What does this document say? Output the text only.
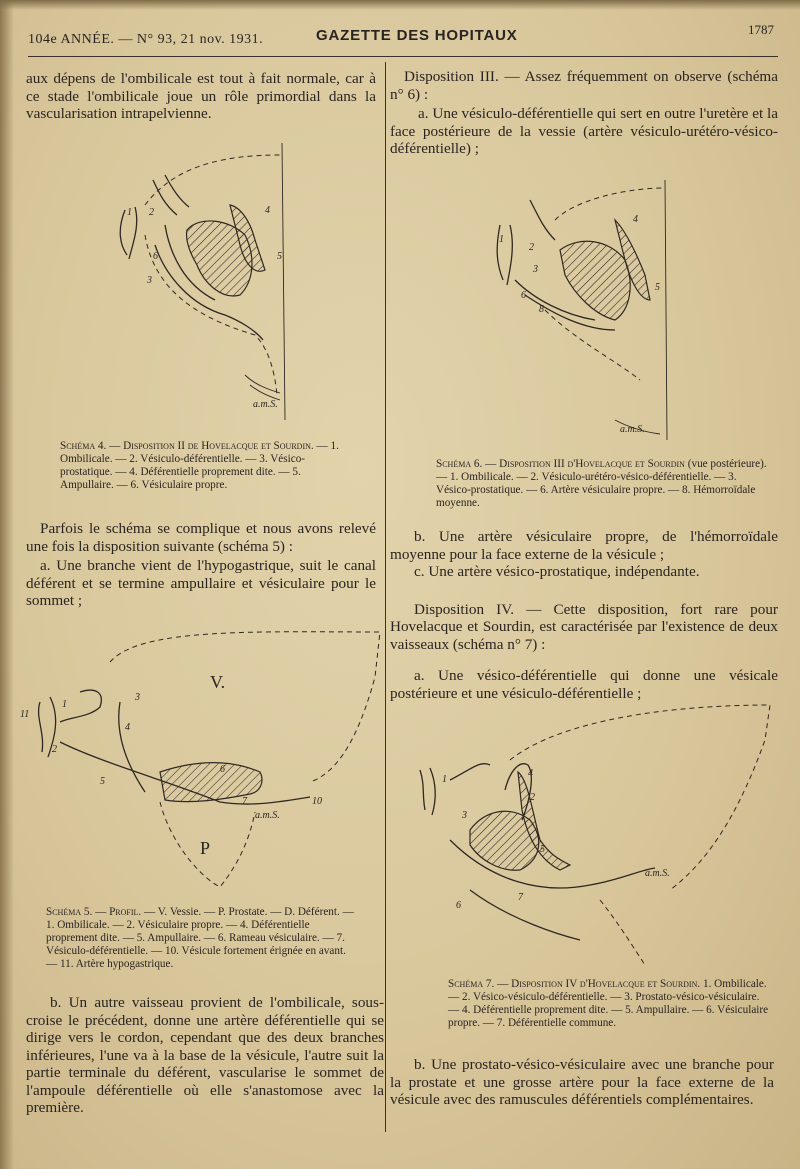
104e ANNÉE. — N° 93, 21 nov. 1931.	GAZETTE DES HOPITAUX	1787

aux dépens de l'ombilicale est tout à fait normale, car à ce stade l'ombilicale joue un rôle primordial dans la vascularisation intrapelvienne.

1 2
3
4
5
6
a.m.S.

Schéma 4. — Disposition II de Hovelacque et Sourdin. — 1. Ombilicale. — 2. Vésiculo-déférentielle. — 3. Vésico-prostatique. — 4. Déférentielle proprement dite. — 5. Ampullaire. — 6. Vésiculaire propre.

Parfois le schéma se complique et nous avons relevé une fois la disposition suivante (schéma 5) :

a. Une branche vient de l'hypogastrique, suit le canal déférent et se termine ampullaire et vésiculaire pour le sommet ;

11
1
2
3
4
5
6
7	10
V.
P
a.m.S.

Schéma 5. — Profil. — V. Vessie. — P. Prostate. — D. Déférent. — 1. Ombilicale. — 2. Vésiculaire propre. — 4. Déférentielle proprement dite. — 5. Ampullaire. — 6. Rameau vésiculaire. — 7. Vésiculo-déférentielle. — 10. Vésicule fortement érignée en avant. — 11. Artère hypogastrique.

b. Un autre vaisseau provient de l'ombilicale, sous-croise le précédent, donne une artère déférentielle qui se dirige vers le cordon, cependant que des deux branches inférieures, l'une va à la base de la vésicule, l'autre suit la partie terminale du déférent, vascularise le sommet de l'ampoule déférentielle où elle s'anastomose avec la première.

Disposition III. — Assez fréquemment on observe (schéma n° 6) :

a. Une vésiculo-déférentielle qui sert en outre l'uretère et la face postérieure de la vessie (artère vésiculo-urétéro-vésico-déférentielle) ;

1
2
3
4
5
6
8
a.m.S.

Schéma 6. — Disposition III d'Hovelacque et Sourdin (vue postérieure). — 1. Ombilicale. — 2. Vésiculo-urétéro-vésico-déférentielle. — 3. Vésico-prostatique. — 6. Artère vésiculaire propre. — 8. Hémorroïdale moyenne.

b. Une artère vésiculaire propre, de l'hémorroïdale moyenne pour la face externe de la vésicule ;

c. Une artère vésico-prostatique, indépendante.

Disposition IV. — Cette disposition, fort rare pour Hovelacque et Sourdin, est caractérisée par l'existence de deux vaisseaux (schéma n° 7) :

a. Une vésico-déférentielle qui donne une vésicale postérieure et une vésiculo-déférentielle ;

1
2
3
4
5
6
7
a.m.S.

Schéma 7. — Disposition IV d'Hovelacque et Sourdin. 1. Ombilicale. — 2. Vésico-vésiculo-déférentielle. — 3. Prostato-vésico-vésiculaire. — 4. Déférentielle proprement dite. — 5. Ampullaire. — 6. Vésiculaire propre. — 7. Déférentielle commune.

b. Une prostato-vésico-vésiculaire avec une branche pour la prostate et une grosse artère pour la face externe de la vésicule avec des ramuscules déférentiels complémentaires.
